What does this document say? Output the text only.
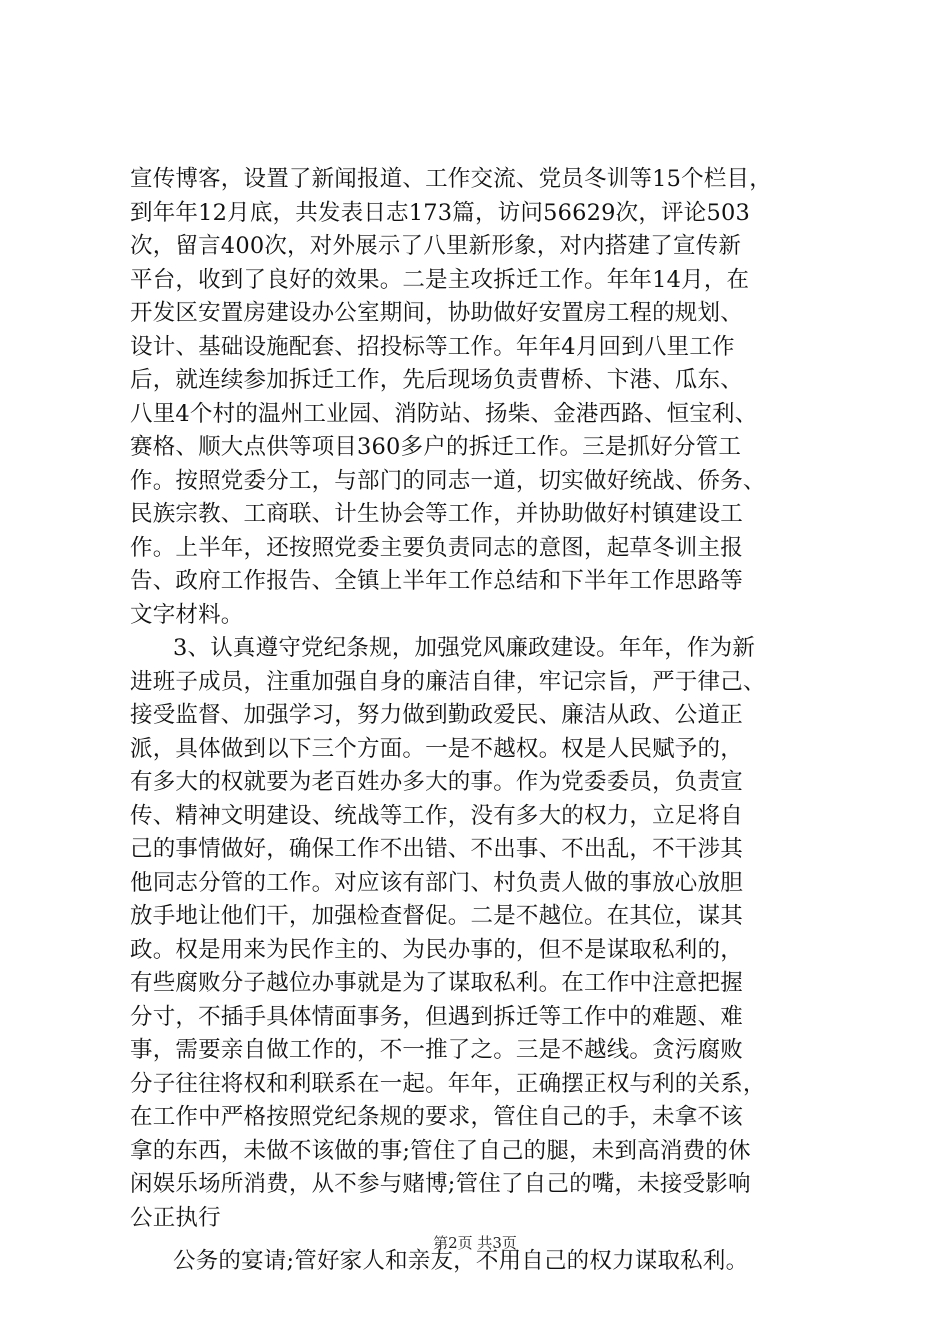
宣传博客，设置了新闻报道、工作交流、党员冬训等15个栏目，
到年年12月底，共发表日志173篇，访问56629次，评论503
次，留言400次，对外展示了八里新形象，对内搭建了宣传新
平台，收到了良好的效果。二是主攻拆迁工作。年年14月，在
开发区安置房建设办公室期间，协助做好安置房工程的规划、
设计、基础设施配套、招投标等工作。年年4月回到八里工作
后，就连续参加拆迁工作，先后现场负责曹桥、卞港、瓜东、
八里4个村的温州工业园、消防站、扬柴、金港西路、恒宝利、
赛格、顺大点供等项目360多户的拆迁工作。三是抓好分管工
作。按照党委分工，与部门的同志一道，切实做好统战、侨务、
民族宗教、工商联、计生协会等工作，并协助做好村镇建设工
作。上半年，还按照党委主要负责同志的意图，起草冬训主报
告、政府工作报告、全镇上半年工作总结和下半年工作思路等
文字材料。
3、认真遵守党纪条规，加强党风廉政建设。年年，作为新
进班子成员，注重加强自身的廉洁自律，牢记宗旨，严于律己、
接受监督、加强学习，努力做到勤政爱民、廉洁从政、公道正
派，具体做到以下三个方面。一是不越权。权是人民赋予的，
有多大的权就要为老百姓办多大的事。作为党委委员，负责宣
传、精神文明建设、统战等工作，没有多大的权力，立足将自
己的事情做好，确保工作不出错、不出事、不出乱，不干涉其
他同志分管的工作。对应该有部门、村负责人做的事放心放胆
放手地让他们干，加强检查督促。二是不越位。在其位，谋其
政。权是用来为民作主的、为民办事的，但不是谋取私利的，
有些腐败分子越位办事就是为了谋取私利。在工作中注意把握
分寸，不插手具体情面事务，但遇到拆迁等工作中的难题、难
事，需要亲自做工作的，不一推了之。三是不越线。贪污腐败
分子往往将权和利联系在一起。年年，正确摆正权与利的关系，
在工作中严格按照党纪条规的要求，管住自己的手，未拿不该
拿的东西，未做不该做的事;管住了自己的腿，未到高消费的休
闲娱乐场所消费，从不参与赌博;管住了自己的嘴，未接受影响
公正执行
公务的宴请;管好家人和亲友，不用自己的权力谋取私利。
第2页 共3页
